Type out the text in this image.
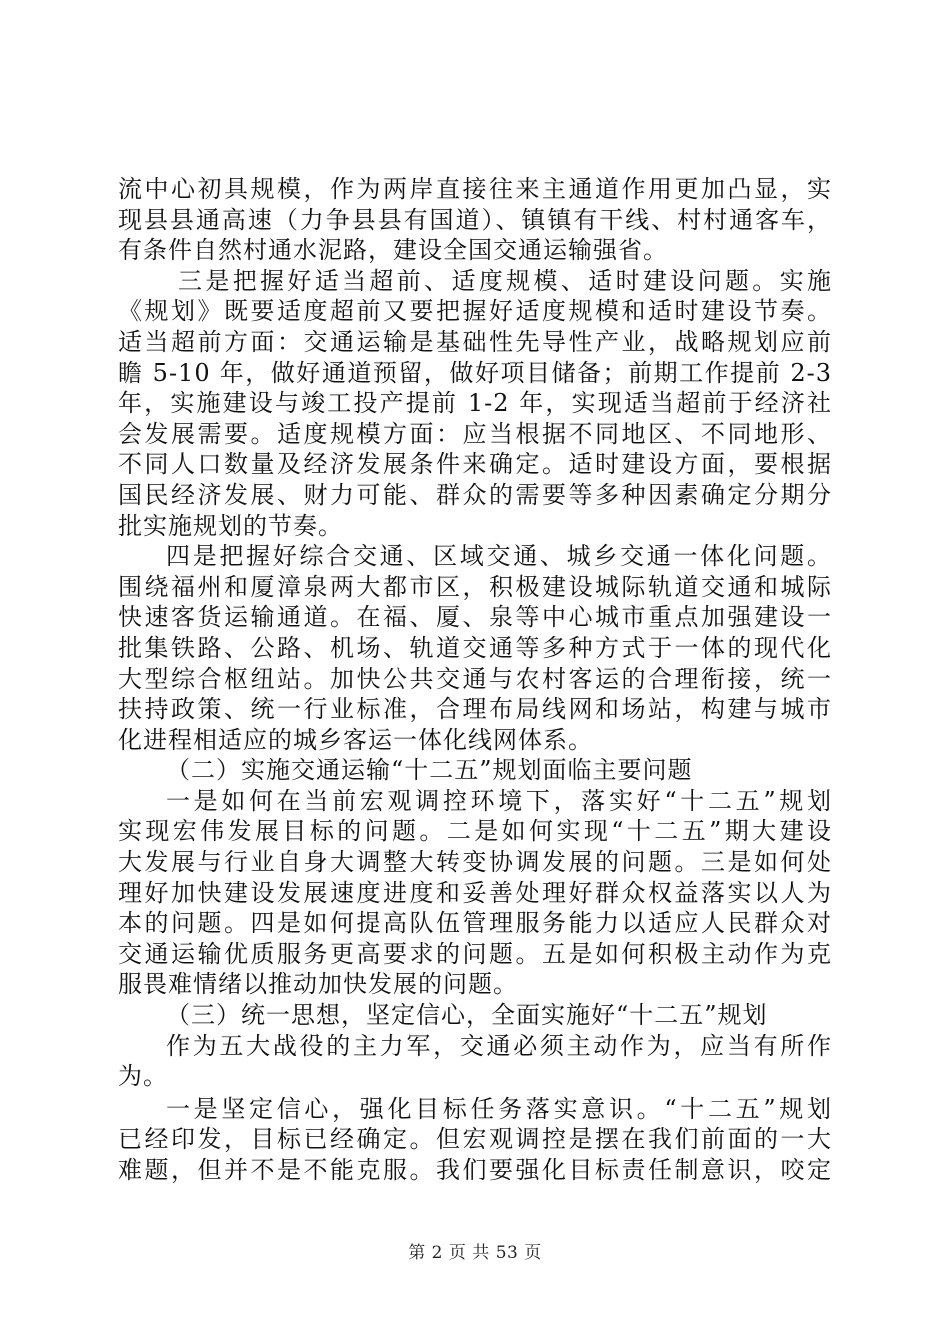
流中心初具规模，作为两岸直接往来主通道作用更加凸显，实
现县县通高速（力争县县有国道）、镇镇有干线、村村通客车，
有条件自然村通水泥路，建设全国交通运输强省。
三是把握好适当超前、适度规模、适时建设问题。实施
《规划》既要适度超前又要把握好适度规模和适时建设节奏。
适当超前方面：交通运输是基础性先导性产业，战略规划应前
瞻 5-10 年，做好通道预留，做好项目储备；前期工作提前 2-3
年，实施建设与竣工投产提前 1-2 年，实现适当超前于经济社
会发展需要。适度规模方面：应当根据不同地区、不同地形、
不同人口数量及经济发展条件来确定。适时建设方面，要根据
国民经济发展、财力可能、群众的需要等多种因素确定分期分
批实施规划的节奏。
四是把握好综合交通、区域交通、城乡交通一体化问题。
围绕福州和厦漳泉两大都市区，积极建设城际轨道交通和城际
快速客货运输通道。在福、厦、泉等中心城市重点加强建设一
批集铁路、公路、机场、轨道交通等多种方式于一体的现代化
大型综合枢纽站。加快公共交通与农村客运的合理衔接，统一
扶持政策、统一行业标准，合理布局线网和场站，构建与城市
化进程相适应的城乡客运一体化线网体系。
（二）实施交通运输“十二五”规划面临主要问题
一是如何在当前宏观调控环境下，落实好“十二五”规划
实现宏伟发展目标的问题。二是如何实现“十二五”期大建设
大发展与行业自身大调整大转变协调发展的问题。三是如何处
理好加快建设发展速度进度和妥善处理好群众权益落实以人为
本的问题。四是如何提高队伍管理服务能力以适应人民群众对
交通运输优质服务更高要求的问题。五是如何积极主动作为克
服畏难情绪以推动加快发展的问题。
（三）统一思想，坚定信心，全面实施好“十二五”规划
作为五大战役的主力军，交通必须主动作为，应当有所作
为。
一是坚定信心，强化目标任务落实意识。“十二五”规划
已经印发，目标已经确定。但宏观调控是摆在我们前面的一大
难题，但并不是不能克服。我们要强化目标责任制意识，咬定
第 2 页 共 53 页
